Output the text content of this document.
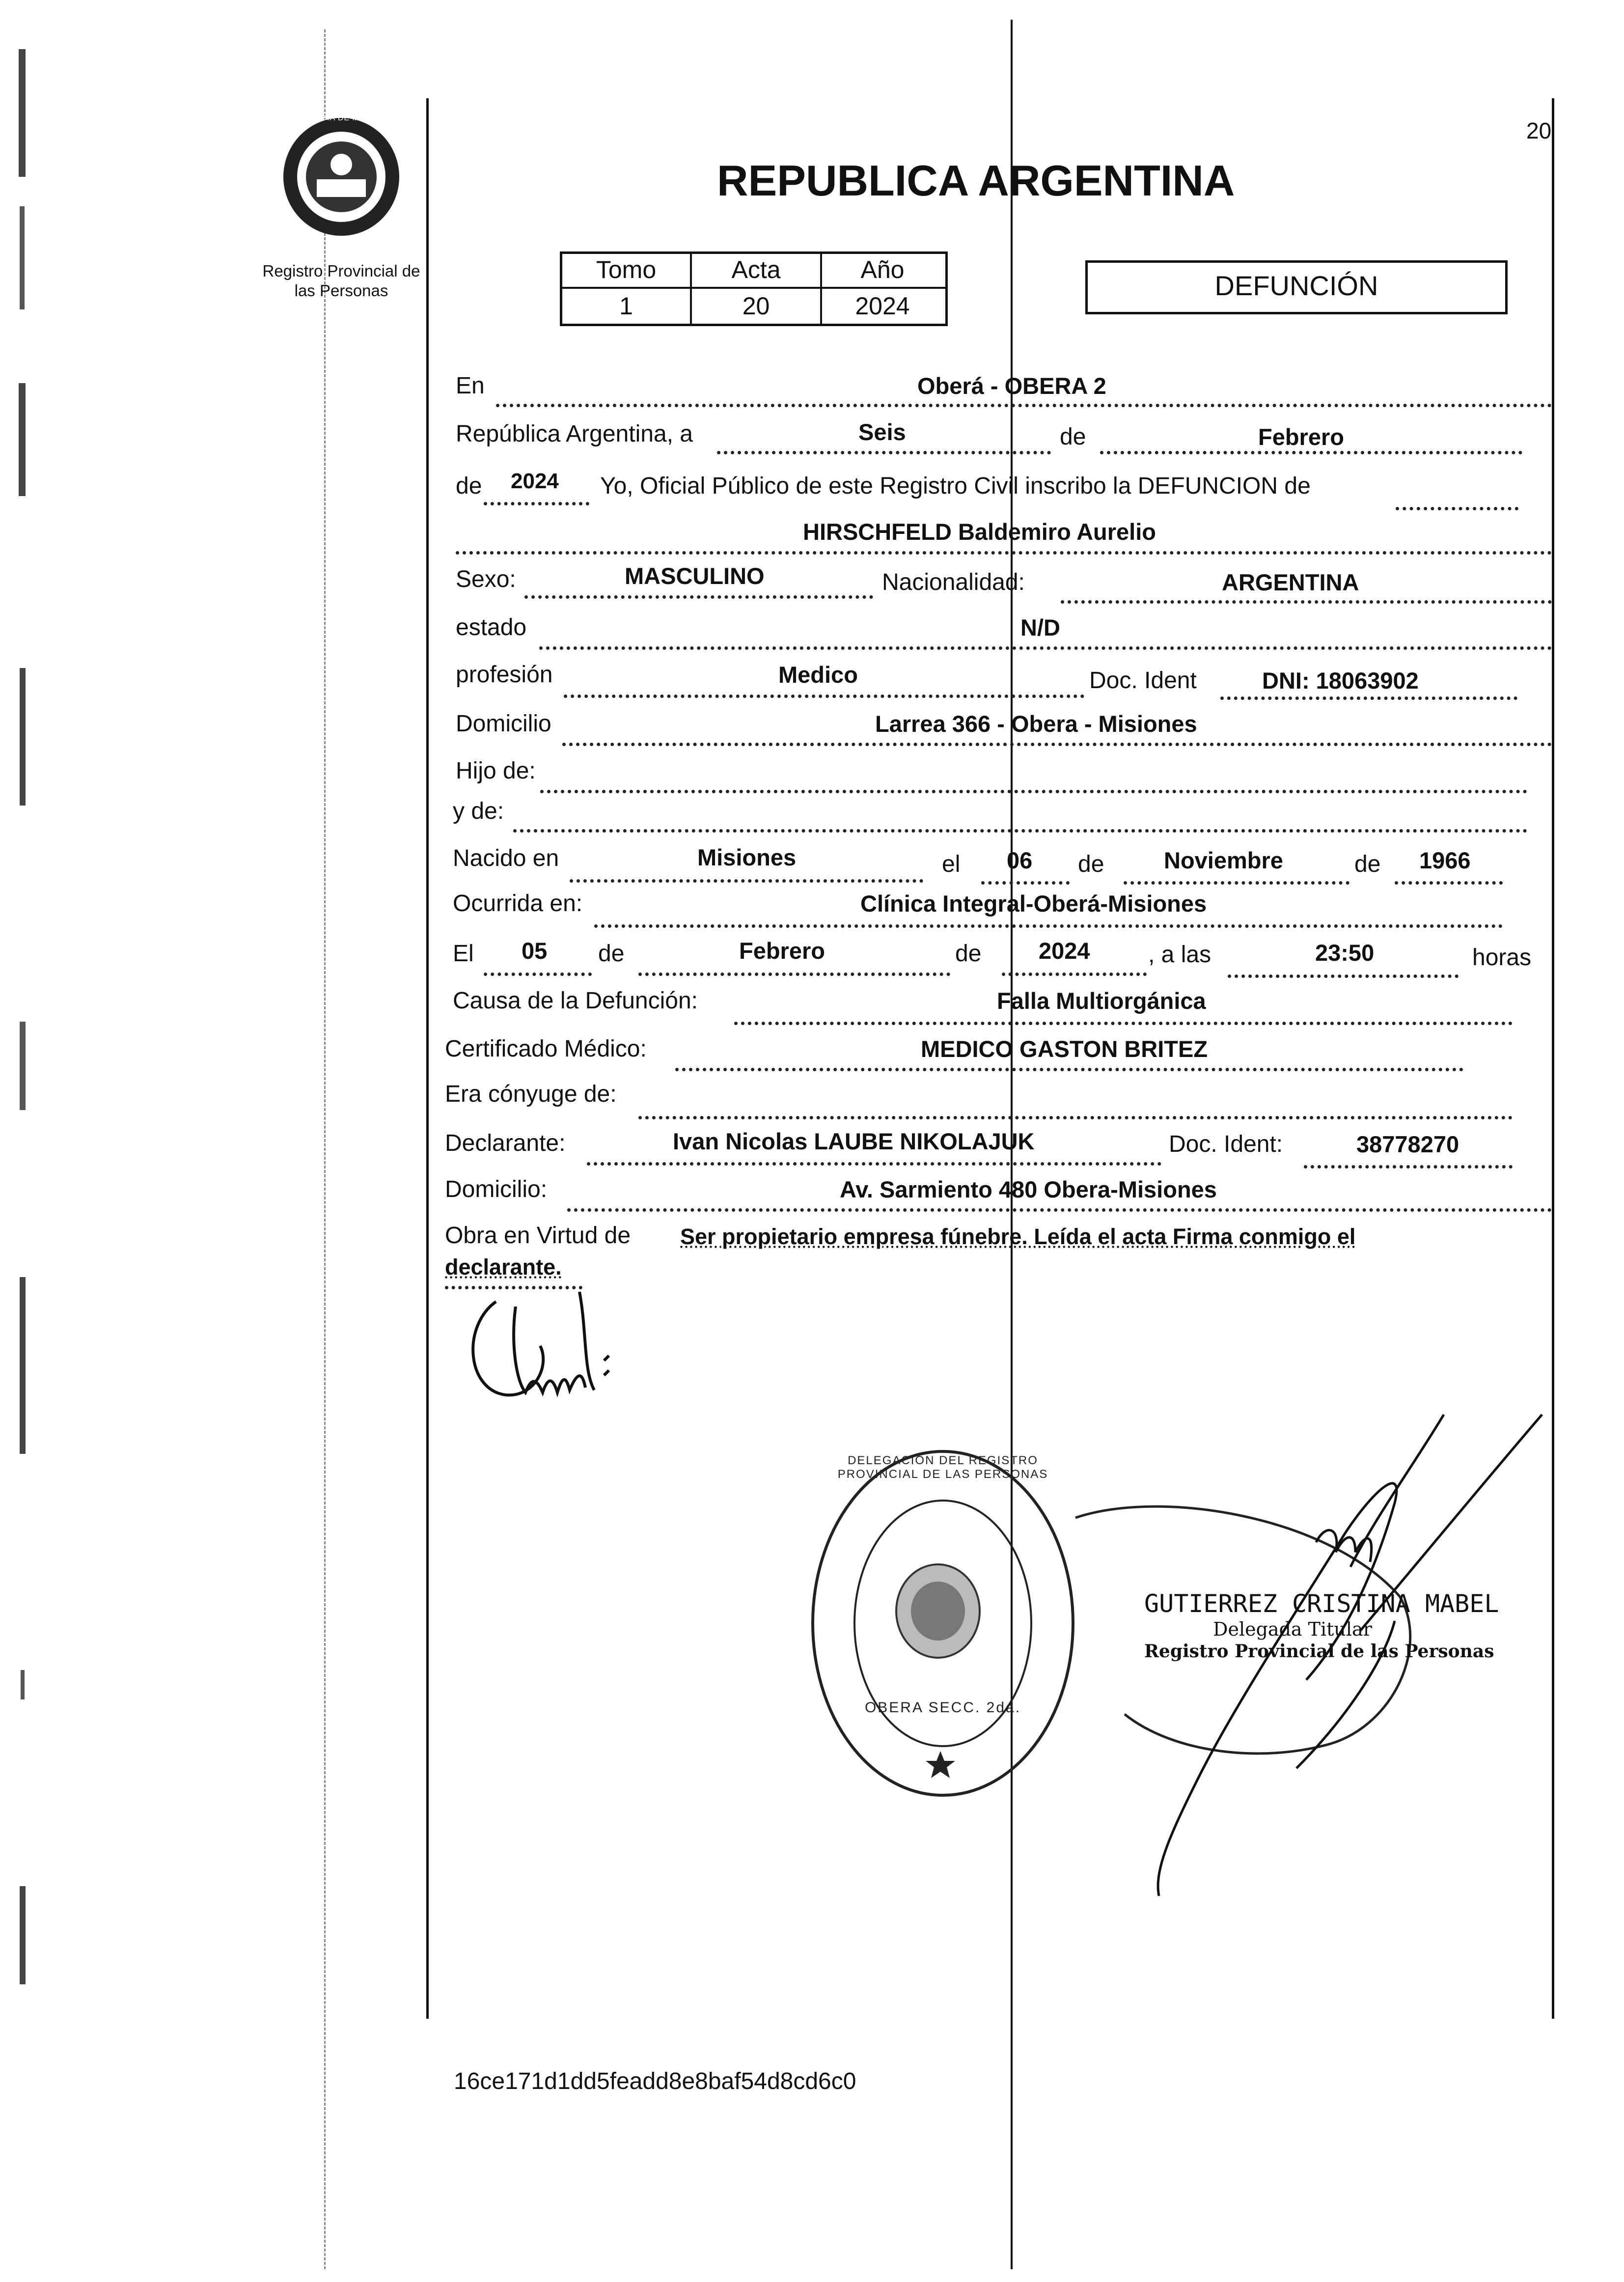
20
PROVINCIA DE MISIONES
Registro Provincial de
las Personas
REPUBLICA ARGENTINA
Tomo	Acta	Año
1	20	2024
DEFUNCIÓN
En	Oberá - OBERA 2
República Argentina, a	Seis	de	Febrero
de 2024 Yo, Oficial Público de este Registro Civil inscribo la DEFUNCION de
HIRSCHFELD Baldemiro Aurelio
Sexo:	MASCULINO	Nacionalidad:	ARGENTINA
estado	N/D
profesión	Medico	Doc. Ident	DNI: 18063902
Domicilio	Larrea 366 - Obera - Misiones
Hijo de:
y de:
Nacido en	Misiones	el 06 de	Noviembre	de 1966
Ocurrida en:	Clínica Integral-Oberá-Misiones
El 05 de	Febrero	de 2024 , a las	23:50	horas
Causa de la Defunción:	Falla Multiorgánica
Certificado Médico:	MEDICO GASTON BRITEZ
Era cónyuge de:
Declarante:	Ivan Nicolas LAUBE NIKOLAJUK	Doc. Ident:	38778270
Domicilio:	Av. Sarmiento 480 Obera-Misiones
Obra en Virtud de Ser propietario empresa fúnebre. Leída el acta Firma conmigo el
declarante.
DELEGACION DEL REGISTRO PROVINCIAL DE LAS PERSONAS
OBERA SECC. 2da.
GUTIERREZ CRISTINA MABEL
Delegada Titular
Registro Provincial de las Personas
16ce171d1dd5feadd8e8baf54d8cd6c0
